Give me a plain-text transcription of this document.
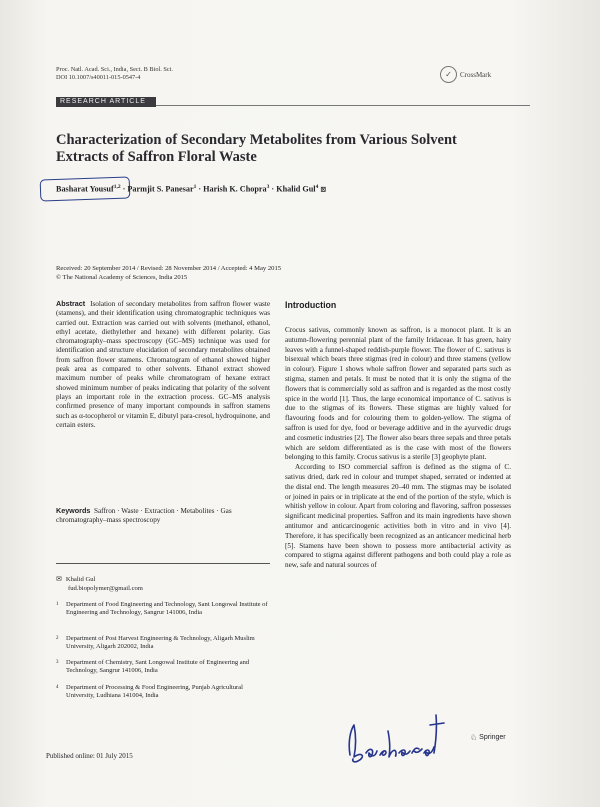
Proc. Natl. Acad. Sci., India, Sect. B Biol. Sci.
DOI 10.1007/s40011-015-0547-4	✓	CrossMark
RESEARCH ARTICLE
Characterization of Secondary Metabolites from Various Solvent
Extracts of Saffron Floral Waste
Basharat Yousuf$^{1,2}$ · Parmjit S. Panesar$^1$ · Harish K. Chopra$^3$ · Khalid Gul$^4$ ⊠
Received: 20 September 2014 / Revised: 28 November 2014 / Accepted: 4 May 2015
© The National Academy of Sciences, India 2015
Abstract Isolation of secondary metabolites from saffron flower waste (stamens), and their identification using chromatographic techniques was carried out. Extraction was carried out with solvents (methanol, ethanol, ethyl acetate, diethylether and hexane) with different polarity. Gas chromatography–mass spectroscopy (GC–MS) technique was used for identification and structure elucidation of secondary metabolites obtained from saffron flower stamens. Chromatogram of ethanol showed higher peak area as compared to other solvents. Ethanol extract showed maximum number of peaks while chromatogram of hexane extract showed minimum number of peaks indicating that polarity of the solvent plays an important role in the extraction process. GC–MS analysis confirmed presence of many important compounds in saffron stamens such as α-tocopherol or vitamin E, dibutyl para-cresol, hydroquinone, and certain esters.
Keywords Saffron · Waste · Extraction · Metabolites · Gas chromatography–mass spectroscopy
✉ Khalid Gul
fud.biopolymer@gmail.com
1	Department of Food Engineering and Technology, Sant Longowal Institute of Engineering and Technology, Sangrur 141006, India
2	Department of Post Harvest Engineering & Technology, Aligarh Muslim University, Aligarh 202002, India
3	Department of Chemistry, Sant Longowal Institute of Engineering and Technology, Sangrur 141006, India
4	Department of Processing & Food Engineering, Punjab Agricultural University, Ludhiana 141004, India
Published online: 01 July 2015
Introduction

Crocus sativus, commonly known as saffron, is a monocot plant. It is an autumn-flowering perennial plant of the family Iridaceae. It has green, hairy leaves with a funnel-shaped reddish-purple flower. The flower of C. sativus is bisexual which bears three stigmas (red in colour) and three stamens (yellow in colour). Figure 1 shows whole saffron flower and separated parts such as stigma, stamen and petals. It must be noted that it is only the stigma of the flowers that is commercially sold as saffron and is regarded as the most costly spice in the world [1]. Thus, the large economical importance of C. sativus is due to the stigmas of its flowers. These stigmas are highly valued for flavouring foods and for colouring them to golden-yellow. The stigma of saffron is used for dye, food or beverage additive and in the ayurvedic drugs and cosmetic industries [2]. The flower also bears three sepals and three petals which are seldom differentiated as is the case with most of the flowers belonging to this family. Crocus sativus is a sterile [3] geophyte plant.

According to ISO commercial saffron is defined as the stigma of C. sativus dried, dark red in colour and trumpet shaped, serrated or indented at the distal end. The length measures 20–40 mm. The stigmas may be isolated or joined in pairs or in triplicate at the end of the portion of the style, which is whitish yellow in colour. Apart from coloring and flavoring, saffron possesses significant medicinal properties. Saffron and its main ingredients have shown antitumor and anticarcinogenic activities both in vitro and in vivo [4]. Therefore, it has specifically been recognized as an anticancer medicinal herb [5]. Stamens have been shown to possess more antibacterial activity as compared to stigma against different pathogens and both could play a role as new, safe and natural sources of

♘ Springer
